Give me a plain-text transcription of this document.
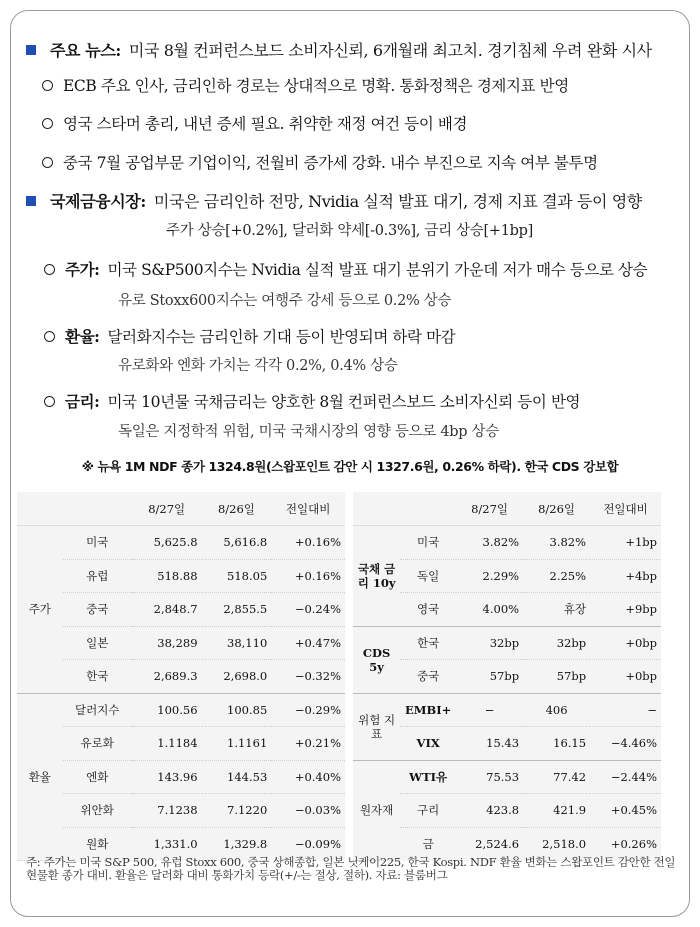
주요 뉴스: 미국 8월 컨퍼런스보드 소비자신뢰, 6개월래 최고치. 경기침체 우려 완화 시사
ECB 주요 인사, 금리인하 경로는 상대적으로 명확. 통화정책은 경제지표 반영
영국 스타머 총리, 내년 증세 필요. 취약한 재정 여건 등이 배경
중국 7월 공업부문 기업이익, 전월비 증가세 강화. 내수 부진으로 지속 여부 불투명
국제금융시장: 미국은 금리인하 전망, Nvidia 실적 발표 대기, 경제 지표 결과 등이 영향
주가 상승[+0.2%], 달러화 약세[-0.3%], 금리 상승[+1bp]
주가: 미국 S&P500지수는 Nvidia 실적 발표 대기 분위기 가운데 저가 매수 등으로 상승
유로 Stoxx600지수는 여행주 강세 등으로 0.2% 상승
환율: 달러화지수는 금리인하 기대 등이 반영되며 하락 마감
유로화와 엔화 가치는 각각 0.2%, 0.4% 상승
금리: 미국 10년물 국채금리는 양호한 8월 컨퍼런스보드 소비자신뢰 등이 반영
독일은 지정학적 위험, 미국 국채시장의 영향 등으로 4bp 상승
※ 뉴욕 1M NDF 종가 1324.8원(스왑포인트 감안 시 1327.6원, 0.26% 하락). 한국 CDS 강보합
		8/27일	8/26일	전일대비
주가	미국	5,625.8	5,616.8	+0.16%
	유럽	518.88	518.05	+0.16%
	중국	2,848.7	2,855.5	−0.24%
	일본	38,289	38,110	+0.47%
	한국	2,689.3	2,698.0	−0.32%
환율	달러지수	100.56	100.85	−0.29%
	유로화	1.1184	1.1161	+0.21%
	엔화	143.96	144.53	+0.40%
	위안화	7.1238	7.1220	−0.03%
	원화	1,331.0	1,329.8	−0.09%
		8/27일	8/26일	전일대비
국채 금리 10y	미국	3.82%	3.82%	+1bp
	독일	2.29%	2.25%	+4bp
	영국	4.00%	휴장	+9bp
CDS 5y	한국	32bp	32bp	+0bp
	중국	57bp	57bp	+0bp
위험 지표	EMBI+	−	406	−
	VIX	15.43	16.15	−4.46%
원자재	WTI유	75.53	77.42	−2.44%
	구리	423.8	421.9	+0.45%
	금	2,524.6	2,518.0	+0.26%
주: 주가는 미국 S&P 500, 유럽 Stoxx 600, 중국 상해종합, 일본 닛케이225, 한국 Kospi. NDF 환율 변화는 스왑포인트 감안한 전일 현물환 종가 대비. 환율은 달러화 대비 통화가치 등락(+/-는 절상, 절하). 자료: 블룸버그
